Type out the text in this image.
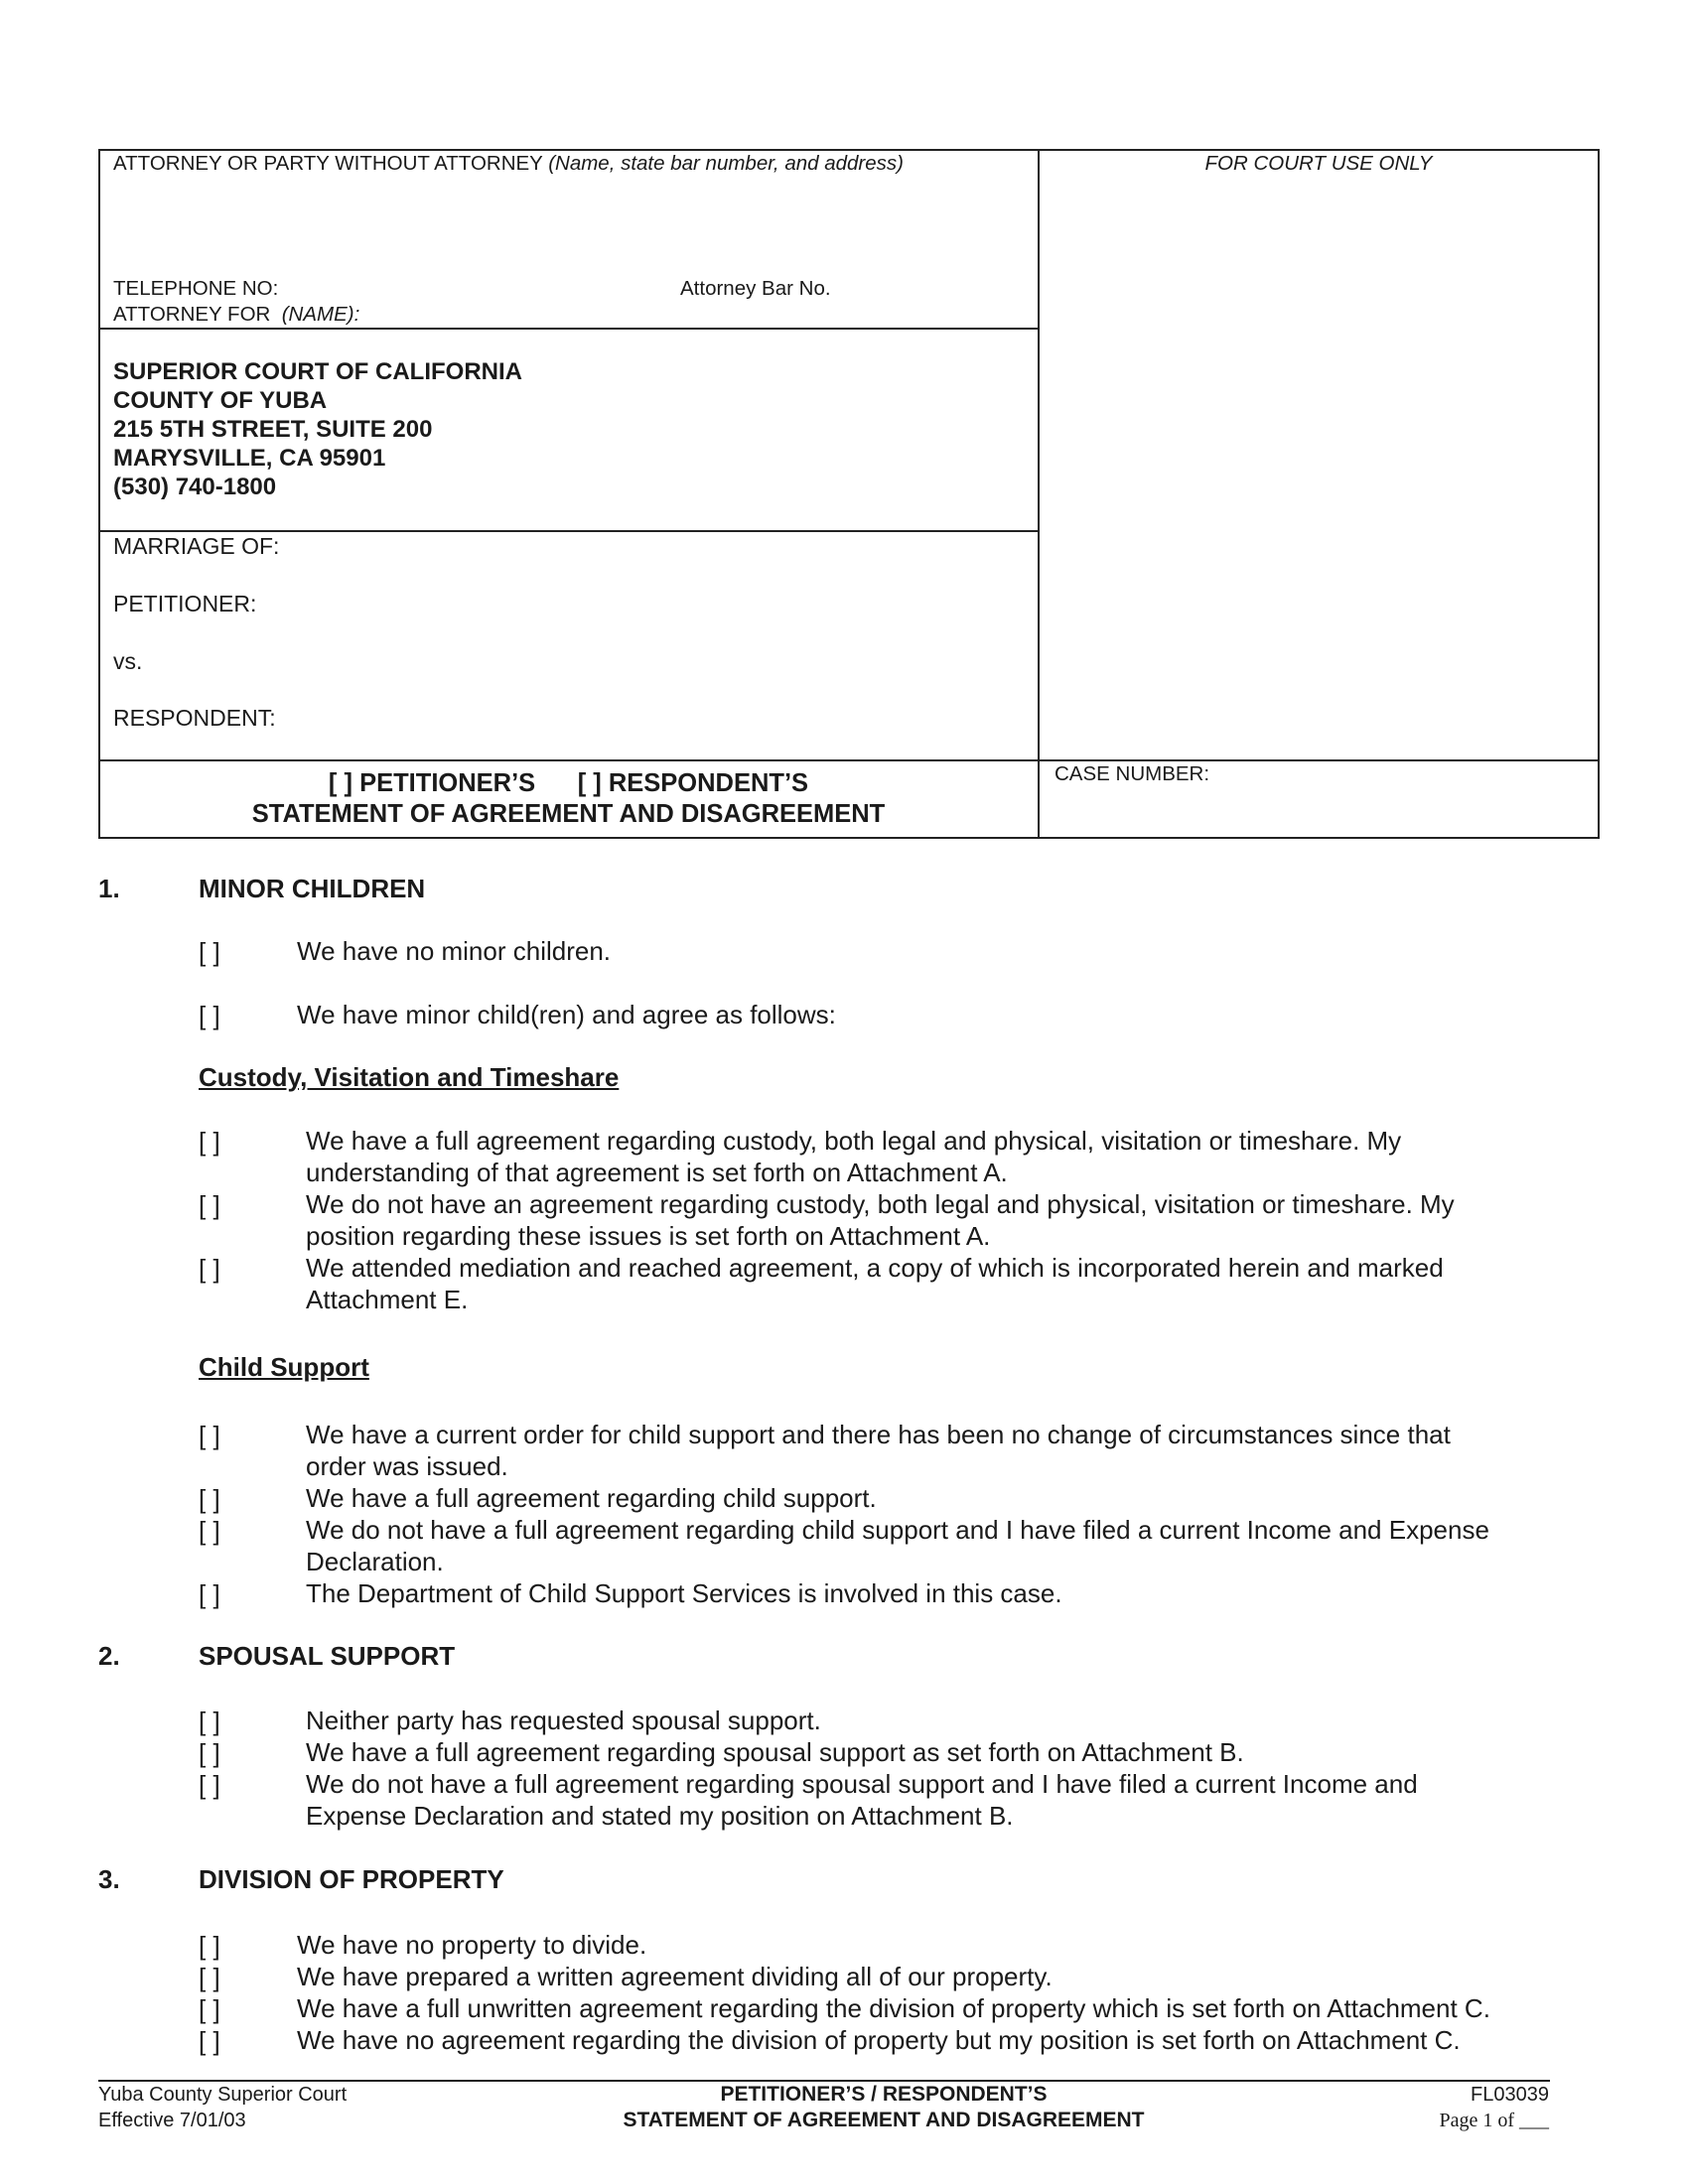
ATTORNEY OR PARTY WITHOUT ATTORNEY (Name, state bar number, and address)	FOR COURT USE ONLY
TELEPHONE NO:	Attorney Bar No.
ATTORNEY FOR (NAME):
SUPERIOR COURT OF CALIFORNIA
COUNTY OF YUBA
215 5TH STREET, SUITE 200
MARYSVILLE, CA 95901
(530) 740-1800
MARRIAGE OF:
PETITIONER:
vs.
RESPONDENT:
[ ] PETITIONER’S [ ] RESPONDENT’S
STATEMENT OF AGREEMENT AND DISAGREEMENT
CASE NUMBER:
1.	MINOR CHILDREN
[ ]	We have no minor children.
[ ]	We have minor child(ren) and agree as follows:
Custody, Visitation and Timeshare
[ ]	We have a full agreement regarding custody, both legal and physical, visitation or timeshare. My
understanding of that agreement is set forth on Attachment A.
[ ]	We do not have an agreement regarding custody, both legal and physical, visitation or timeshare. My
position regarding these issues is set forth on Attachment A.
[ ]	We attended mediation and reached agreement, a copy of which is incorporated herein and marked
Attachment E.
Child Support
[ ]	We have a current order for child support and there has been no change of circumstances since that
order was issued.
[ ]	We have a full agreement regarding child support.
[ ]	We do not have a full agreement regarding child support and I have filed a current Income and Expense
Declaration.
[ ]	The Department of Child Support Services is involved in this case.
2.	SPOUSAL SUPPORT
[ ]	Neither party has requested spousal support.
[ ]	We have a full agreement regarding spousal support as set forth on Attachment B.
[ ]	We do not have a full agreement regarding spousal support and I have filed a current Income and
Expense Declaration and stated my position on Attachment B.
3.	DIVISION OF PROPERTY
[ ]	We have no property to divide.
[ ]	We have prepared a written agreement dividing all of our property.
[ ]	We have a full unwritten agreement regarding the division of property which is set forth on Attachment C.
[ ]	We have no agreement regarding the division of property but my position is set forth on Attachment C.
Yuba County Superior Court
Effective 7/01/03
PETITIONER’S / RESPONDENT’S
STATEMENT OF AGREEMENT AND DISAGREEMENT
FL03039
Page 1 of ___
